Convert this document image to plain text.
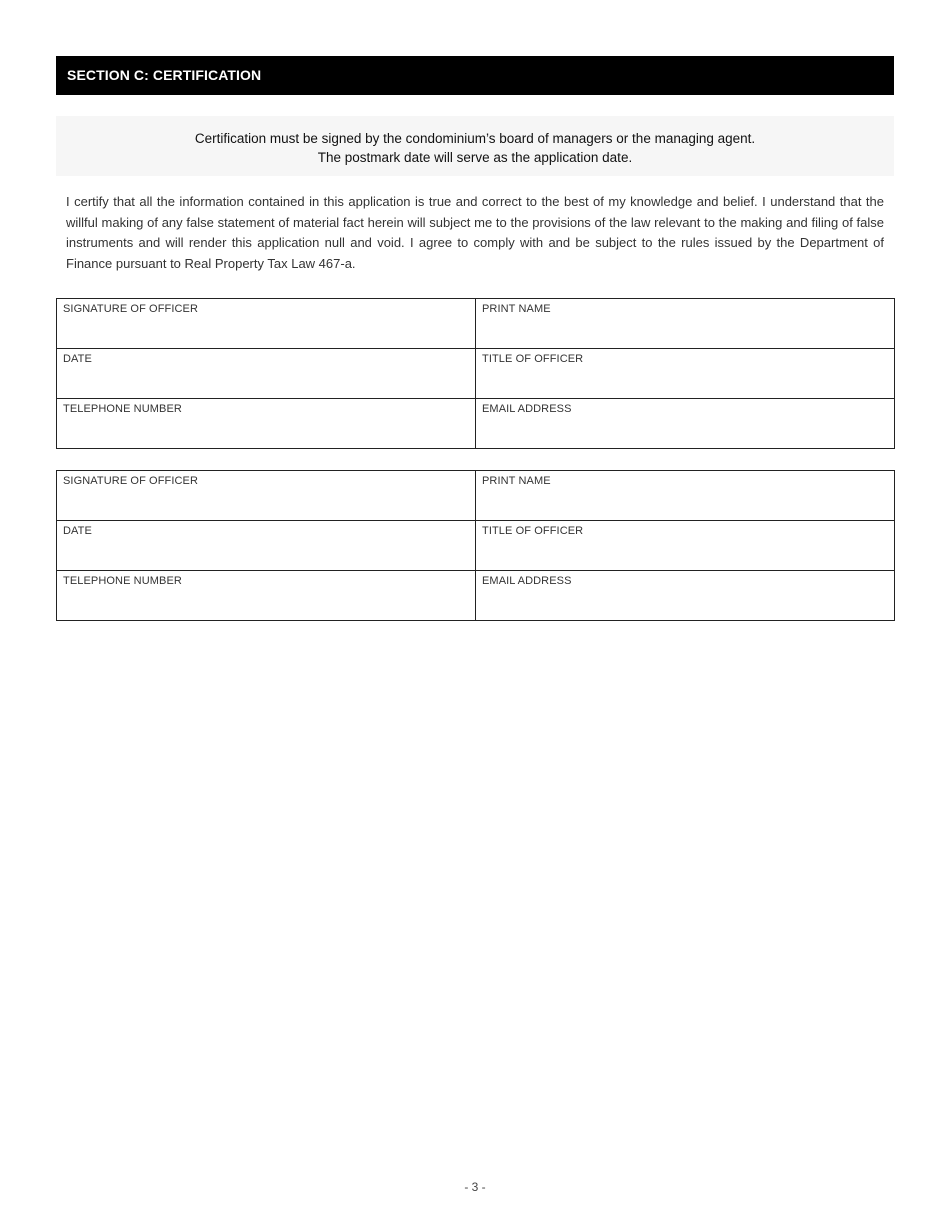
SECTION C: CERTIFICATION
Certification must be signed by the condominium’s board of managers or the managing agent.
The postmark date will serve as the application date.

I certify that all the information contained in this application is true and correct to the best of my knowledge and belief. I understand that the willful making of any false statement of material fact herein will subject me to the provisions of the law relevant to the making and filing of false instruments and will render this application null and void. I agree to comply with and be subject to the rules issued by the Department of Finance pursuant to Real Property Tax Law 467-a.

SIGNATURE OF OFFICER	PRINT NAME
DATE	TITLE OF OFFICER
TELEPHONE NUMBER	EMAIL ADDRESS
SIGNATURE OF OFFICER	PRINT NAME
DATE	TITLE OF OFFICER
TELEPHONE NUMBER	EMAIL ADDRESS
- 3 -
